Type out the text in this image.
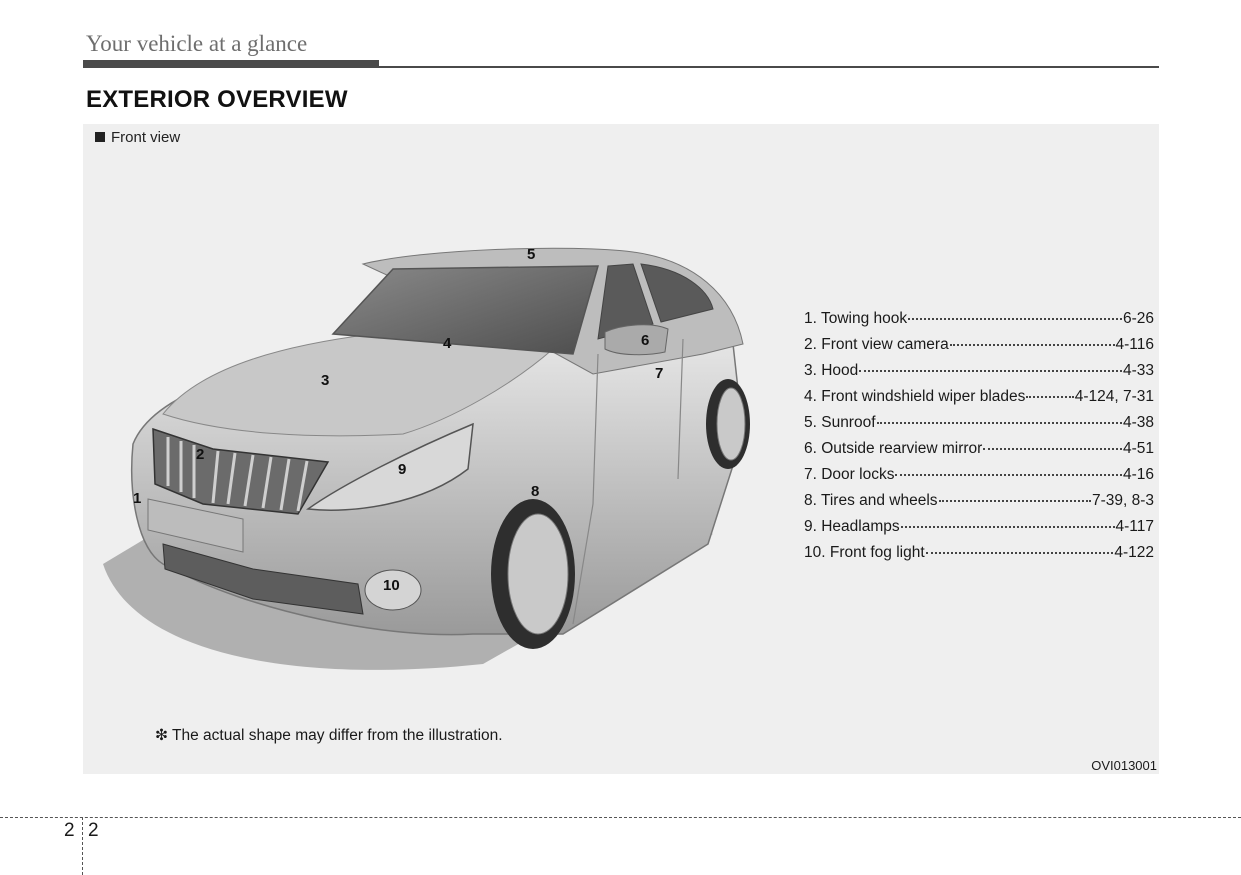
Your vehicle at a glance
EXTERIOR OVERVIEW
Front view
1
2
3
4
5
6
7
8
9
10
1. Towing hook	6-26
2. Front view camera	4-116
3. Hood	4-33
4. Front windshield wiper blades	4-124, 7-31
5. Sunroof	4-38
6. Outside rearview mirror	4-51
7. Door locks	4-16
8. Tires and wheels	7-39, 8-3
9. Headlamps	4-117
10. Front fog light	4-122
❇ The actual shape may differ from the illustration.
OVI013001
2 2
